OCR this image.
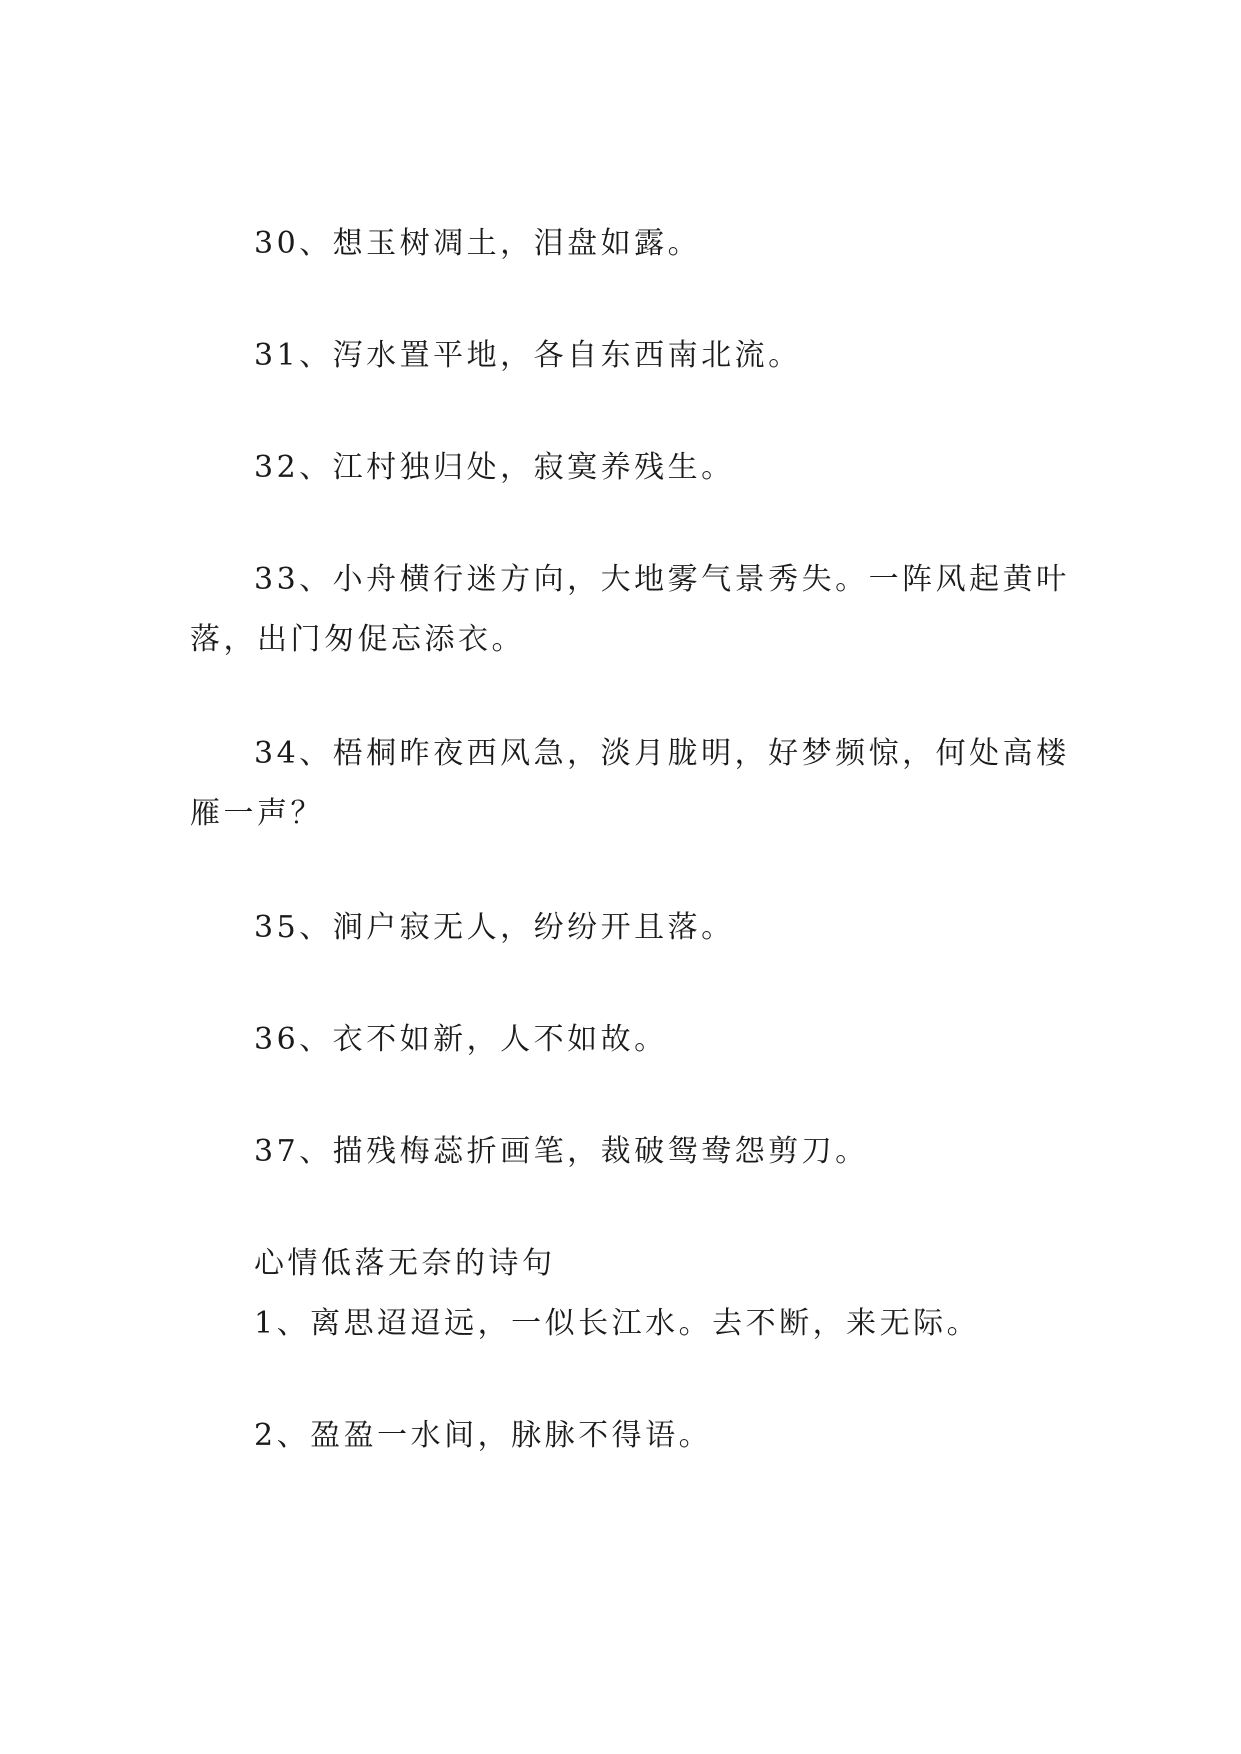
30、想玉树凋土，泪盘如露。

31、泻水置平地，各自东西南北流。

32、江村独归处，寂寞养残生。

33、小舟横行迷方向，大地雾气景秀失。一阵风起黄叶

落，出门匆促忘添衣。

34、梧桐昨夜西风急，淡月胧明，好梦频惊，何处高楼

雁一声？

35、涧户寂无人，纷纷开且落。

36、衣不如新，人不如故。

37、描残梅蕊折画笔，裁破鸳鸯怨剪刀。

心情低落无奈的诗句

1、离思迢迢远，一似长江水。去不断，来无际。

2、盈盈一水间，脉脉不得语。
